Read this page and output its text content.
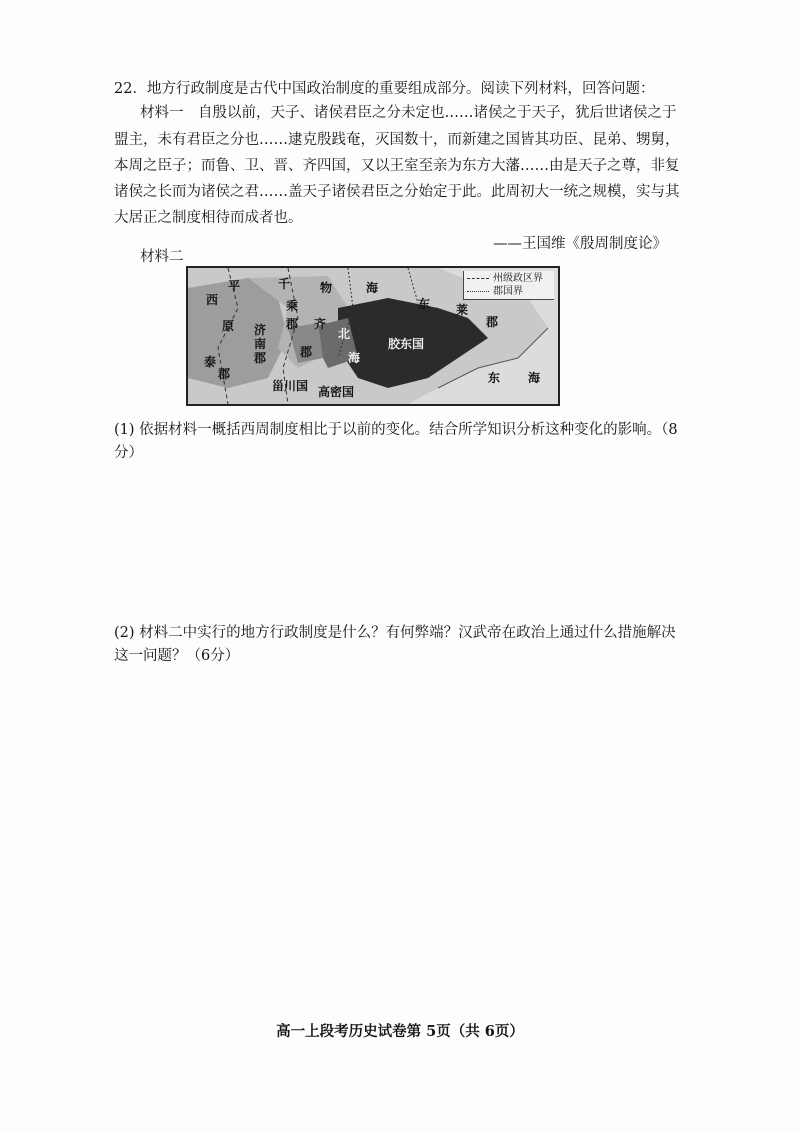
22．地方行政制度是古代中国政治制度的重要组成部分。阅读下列材料，回答问题：
材料一　自殷以前，天子、诸侯君臣之分未定也……诸侯之于天子，犹后世诸侯之于
盟主，未有君臣之分也……逮克殷践奄，灭国数十，而新建之国皆其功臣、昆弟、甥舅，
本周之臣子；而鲁、卫、晋、齐四国，又以王室至亲为东方大藩……由是天子之尊，非复
诸侯之长而为诸侯之君……盖天子诸侯君臣之分始定于此。此周初大一统之规模，实与其
大居正之制度相待而成者也。
——王国维《殷周制度论》
材料二
州级政区界
郡国界
西
平	千 物	海
东 莱
原 济
南
郡
乘
郡 齐
北
郡	海
胶东国
甾川国 高密国
东 海
泰
郡
郡
(1) 依据材料一概括西周制度相比于以前的变化。结合所学知识分析这种变化的影响。（8
分）
(2) 材料二中实行的地方行政制度是什么？有何弊端？汉武帝在政治上通过什么措施解决
这一问题？（6分）
高一上段考历史试卷第 5页（共 6页）
